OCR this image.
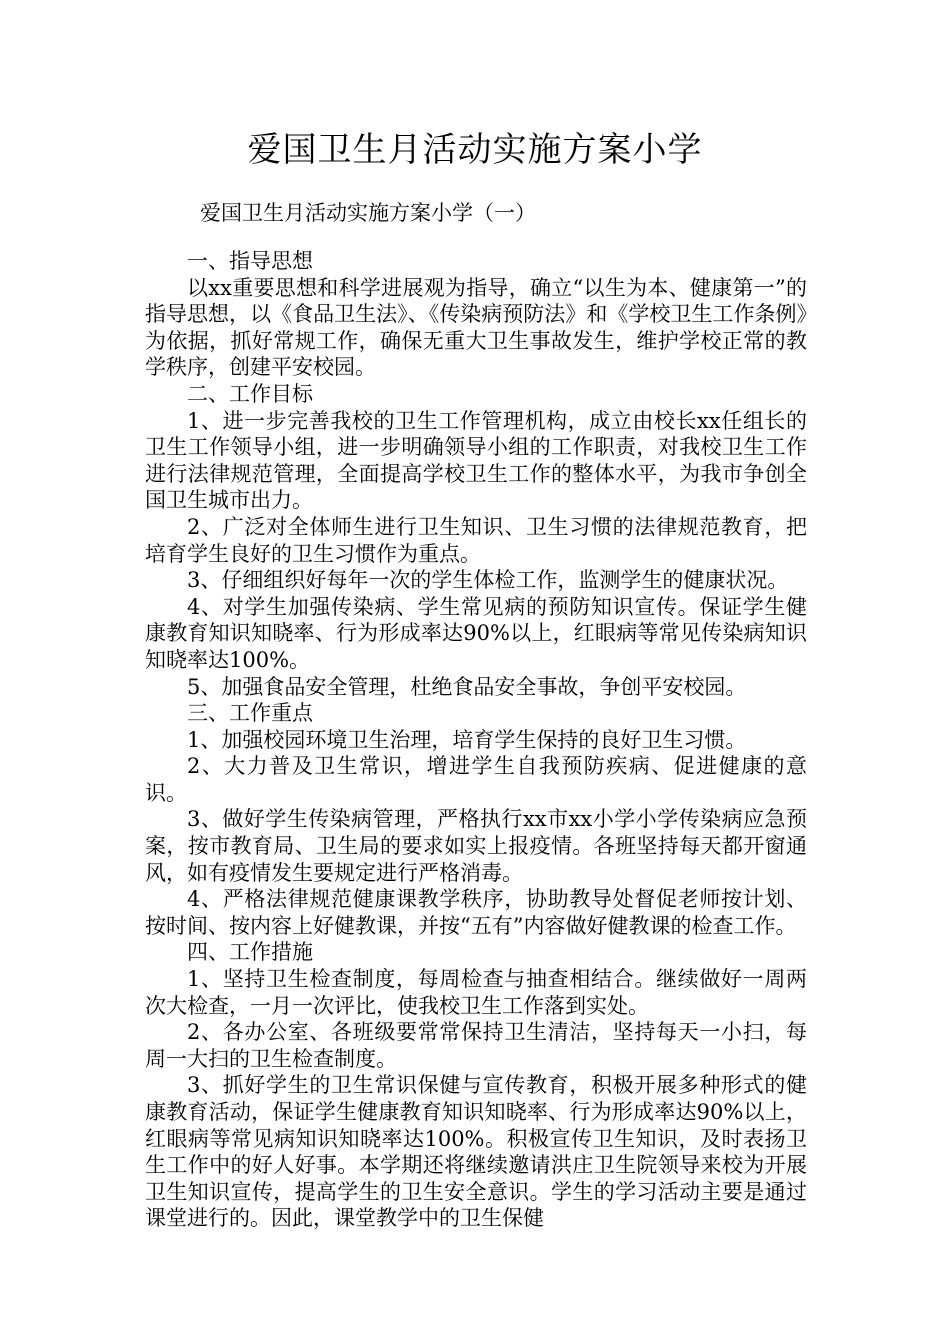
爱国卫生月活动实施方案小学
爱国卫生月活动实施方案小学（一）

一、指导思想

以xx重要思想和科学进展观为指导，确立“以生为本、健康第一”的指导思想，以《食品卫生法》、《传染病预防法》和《学校卫生工作条例》为依据，抓好常规工作，确保无重大卫生事故发生，维护学校正常的教学秩序，创建平安校园。

二、工作目标

1、进一步完善我校的卫生工作管理机构，成立由校长xx任组长的卫生工作领导小组，进一步明确领导小组的工作职责，对我校卫生工作进行法律规范管理，全面提高学校卫生工作的整体水平，为我市争创全国卫生城市出力。

2、广泛对全体师生进行卫生知识、卫生习惯的法律规范教育，把培育学生良好的卫生习惯作为重点。

3、仔细组织好每年一次的学生体检工作，监测学生的健康状况。

4、对学生加强传染病、学生常见病的预防知识宣传。保证学生健康教育知识知晓率、行为形成率达90%以上，红眼病等常见传染病知识知晓率达100%。

5、加强食品安全管理，杜绝食品安全事故，争创平安校园。

三、工作重点

1、加强校园环境卫生治理，培育学生保持的良好卫生习惯。

2、大力普及卫生常识，增进学生自我预防疾病、促进健康的意识。

3、做好学生传染病管理，严格执行xx市xx小学小学传染病应急预案，按市教育局、卫生局的要求如实上报疫情。各班坚持每天都开窗通风，如有疫情发生要规定进行严格消毒。

4、严格法律规范健康课教学秩序，协助教导处督促老师按计划、按时间、按内容上好健教课，并按“五有”内容做好健教课的检查工作。

四、工作措施

1、坚持卫生检查制度，每周检查与抽查相结合。继续做好一周两次大检查，一月一次评比，使我校卫生工作落到实处。

2、各办公室、各班级要常常保持卫生清洁，坚持每天一小扫，每周一大扫的卫生检查制度。

3、抓好学生的卫生常识保健与宣传教育，积极开展多种形式的健康教育活动，保证学生健康教育知识知晓率、行为形成率达90%以上，红眼病等常见病知识知晓率达100%。积极宣传卫生知识，及时表扬卫生工作中的好人好事。本学期还将继续邀请洪庄卫生院领导来校为开展卫生知识宣传，提高学生的卫生安全意识。学生的学习活动主要是通过课堂进行的。因此，课堂教学中的卫生保健
